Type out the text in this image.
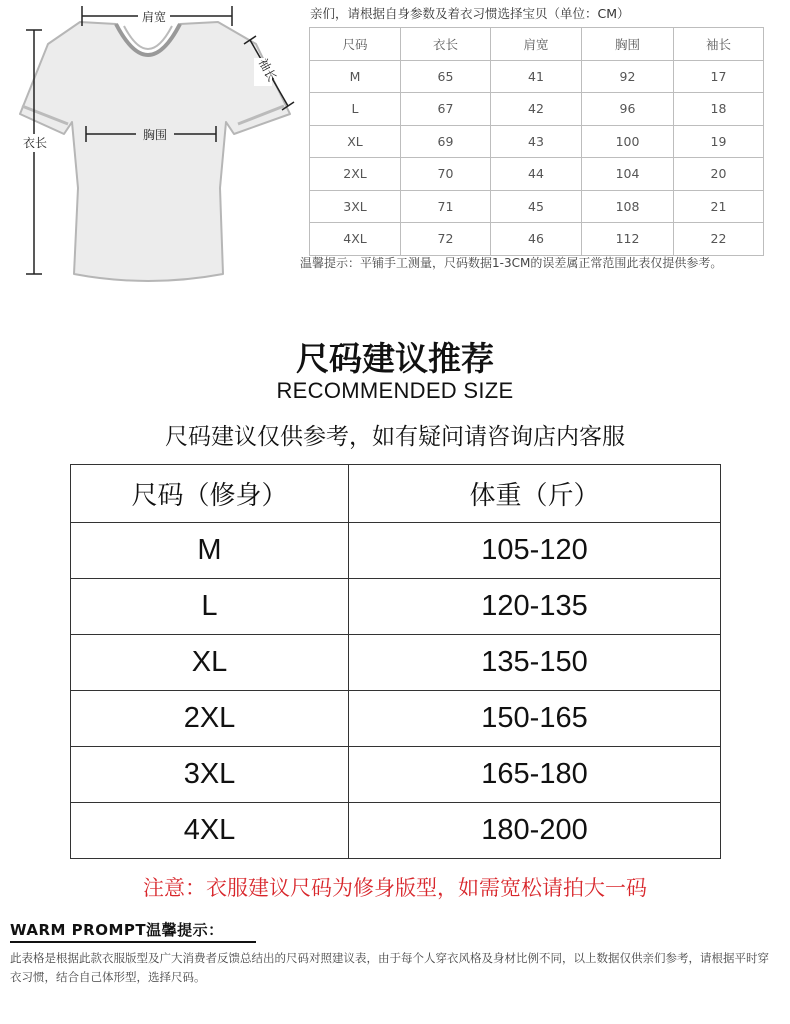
肩宽
袖长
胸围
衣长
亲们，请根据自身参数及着衣习惯选择宝贝（单位：CM）
尺码	衣长	肩宽	胸围	袖长
M	65	41	92	17
L	67	42	96	18
XL	69	43	100	19
2XL	70	44	104	20
3XL	71	45	108	21
4XL	72	46	112	22
温馨提示：平铺手工测量，尺码数据1-3CM的误差属正常范围此表仅提供参考。
尺码建议推荐
RECOMMENDED SIZE
尺码建议仅供参考，如有疑问请咨询店内客服
尺码（修身）	体重（斤）
M	105-120
L	120-135
XL	135-150
2XL	150-165
3XL	165-180
4XL	180-200
注意：衣服建议尺码为修身版型，如需宽松请拍大一码
WARM PROMPT温馨提示：
此表格是根据此款衣服版型及广大消费者反馈总结出的尺码对照建议表，由于每个人穿衣风格及身材比例不同，以上数据仅供亲们参考，请根据平时穿衣习惯，结合自己体形型，选择尺码。
